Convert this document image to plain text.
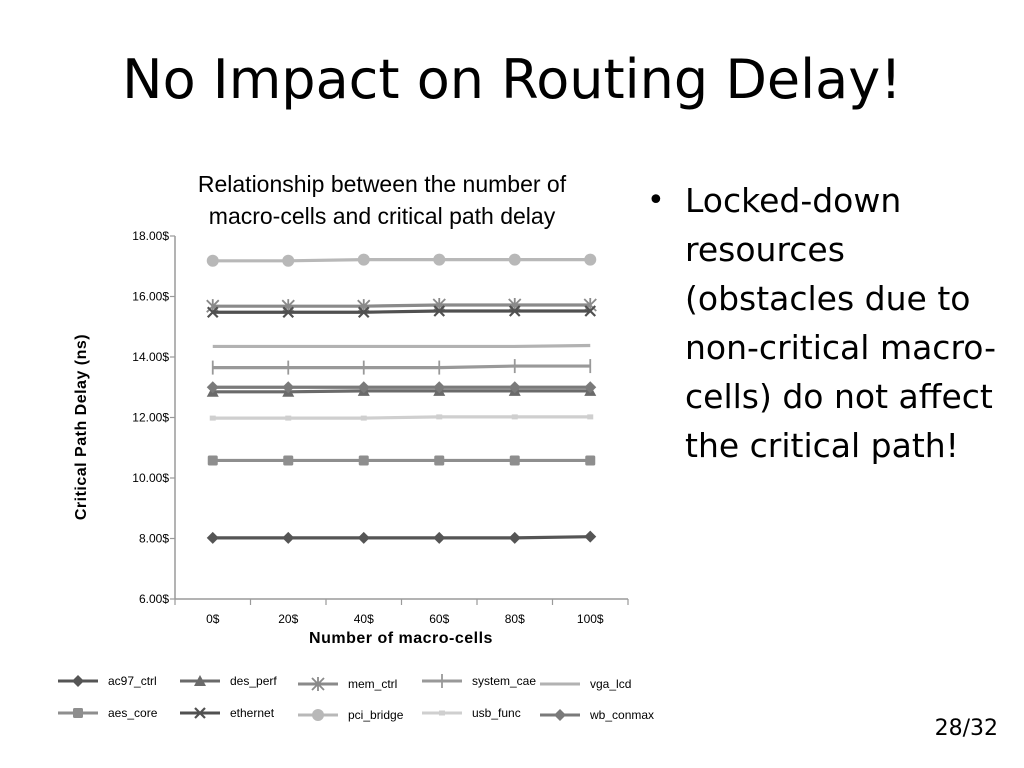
No Impact on Routing Delay!
Relationship between the number of
macro-cells and critical path delay
6.00$
8.00$
10.00$
12.00$
14.00$
16.00$
18.00$
0$	20$	40$	60$	80$	100$
Number of macro-cells
Critical Path Delay (ns)
ac97_ctrl	des_perf	mem_ctrl	system_cae	vga_lcd
aes_core	ethernet	pci_bridge	usb_func	wb_conmax
• Locked-down resources (obstacles due to non-critical macro-cells) do not affect the critical path!
28/32
